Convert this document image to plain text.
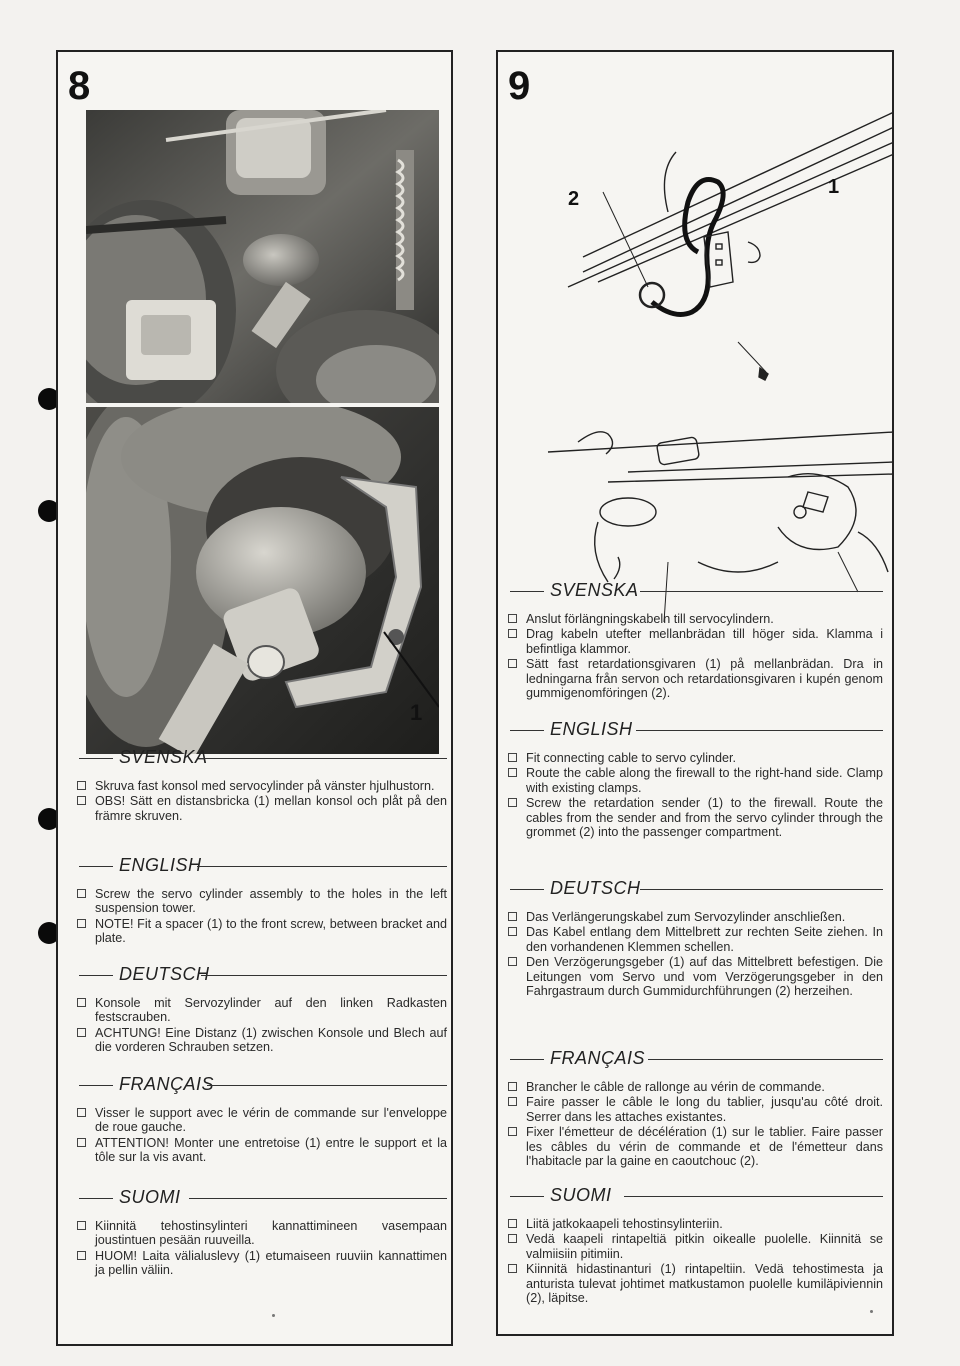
8
1
SVENSKA
Skruva fast konsol med servocylinder på vänster hjulhustorn.
OBS! Sätt en distansbricka (1) mellan konsol och plåt på den främre skruven.
ENGLISH
Screw the servo cylinder assembly to the holes in the left suspension tower.
NOTE! Fit a spacer (1) to the front screw, between bracket and plate.
DEUTSCH
Konsole mit Servozylinder auf den linken Radkasten festscrauben.
ACHTUNG! Eine Distanz (1) zwischen Konsole und Blech auf die vorderen Schrauben setzen.
FRANÇAIS
Visser le support avec le vérin de commande sur l'enveloppe de roue gauche.
ATTENTION! Monter une entretoise (1) entre le support et la tôle sur la vis avant.
SUOMI
Kiinnitä tehostinsylinteri kannattimineen vasempaan joustintuen pesään ruuveilla.
HUOM! Laita välialuslevy (1) etumaiseen ruuviin kannattimen ja pellin väliin.
9
2
1
SVENSKA
Anslut förlängningskabeln till servocylindern.
Drag kabeln utefter mellanbrädan till höger sida. Klamma i befintliga klammor.
Sätt fast retardationsgivaren (1) på mellanbrädan. Dra in ledningarna från servon och retardationsgivaren i kupén genom gummigenomföringen (2).
ENGLISH
Fit connecting cable to servo cylinder.
Route the cable along the firewall to the right-hand side. Clamp with existing clamps.
Screw the retardation sender (1) to the firewall. Route the cables from the sender and from the servo cylinder through the grommet (2) into the passenger compartment.
DEUTSCH
Das Verlängerungskabel zum Servozylinder anschließen.
Das Kabel entlang dem Mittelbrett zur rechten Seite ziehen. In den vorhandenen Klemmen schellen.
Den Verzögerungsgeber (1) auf das Mittelbrett befestigen. Die Leitungen vom Servo und vom Verzögerungsgeber in den Fahrgastraum durch Gummidurchführungen (2) herzeihen.
FRANÇAIS
Brancher le câble de rallonge au vérin de commande.
Faire passer le câble le long du tablier, jusqu'au côté droit. Serrer dans les attaches existantes.
Fixer l'émetteur de décélération (1) sur le tablier. Faire passer les câbles du vérin de commande et de l'émetteur dans l'habitacle par la gaine en caoutchouc (2).
SUOMI
Liitä jatkokaapeli tehostinsylinteriin.
Vedä kaapeli rintapeltiä pitkin oikealle puolelle. Kiinnitä se valmiisiin pitimiin.
Kiinnitä hidastinanturi (1) rintapeltiin. Vedä tehostimesta ja anturista tulevat johtimet matkustamon puolelle kumiläpiviennin (2), läpitse.
